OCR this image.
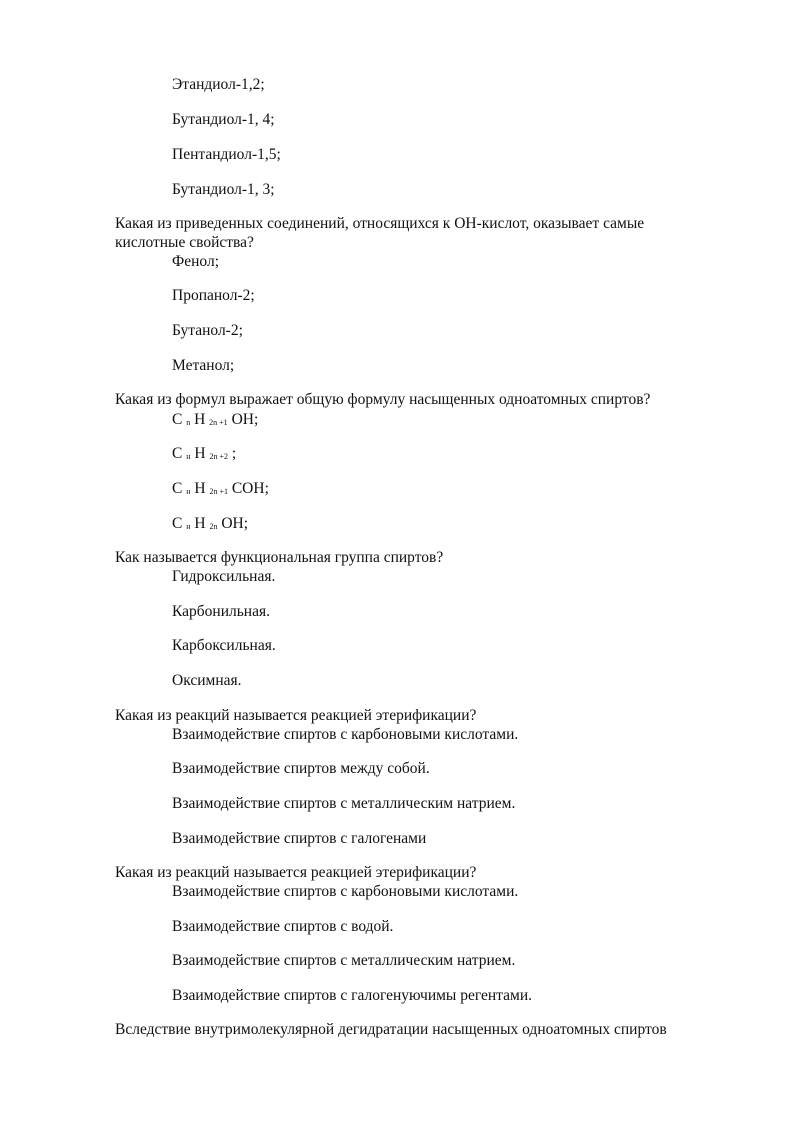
Этандиол-1,2;
Бутандиол-1, 4;
Пентандиол-1,5;
Бутандиол-1, 3;
Какая из приведенных соединений, относящихся к ОН-кислот, оказывает самые
кислотные свойства?
Фенол;
Пропанол-2;
Бутанол-2;
Метанол;
Какая из формул выражает общую формулу насыщенных одноатомных спиртов?
C $_n$ H $_{2n +1}$ OH;
C $_н$ H $_{2n +2}$ ;
C $_н$ H $_{2n +1}$ COH;
C $_н$ H $_{2n}$ OH;
Как называется функциональная группа спиртов?
Гидроксильная.
Карбонильная.
Карбоксильная.
Оксимная.
Какая из реакций называется реакцией этерификации?
Взаимодействие спиртов с карбоновыми кислотами.
Взаимодействие спиртов между собой.
Взаимодействие спиртов с металлическим натрием.
Взаимодействие спиртов с галогенами
Какая из реакций называется реакцией этерификации?
Взаимодействие спиртов с карбоновыми кислотами.
Взаимодействие спиртов с водой.
Взаимодействие спиртов с металлическим натрием.
Взаимодействие спиртов с галогенуючимы регентами.
Вследствие внутримолекулярной дегидратации насыщенных одноатомных спиртов
